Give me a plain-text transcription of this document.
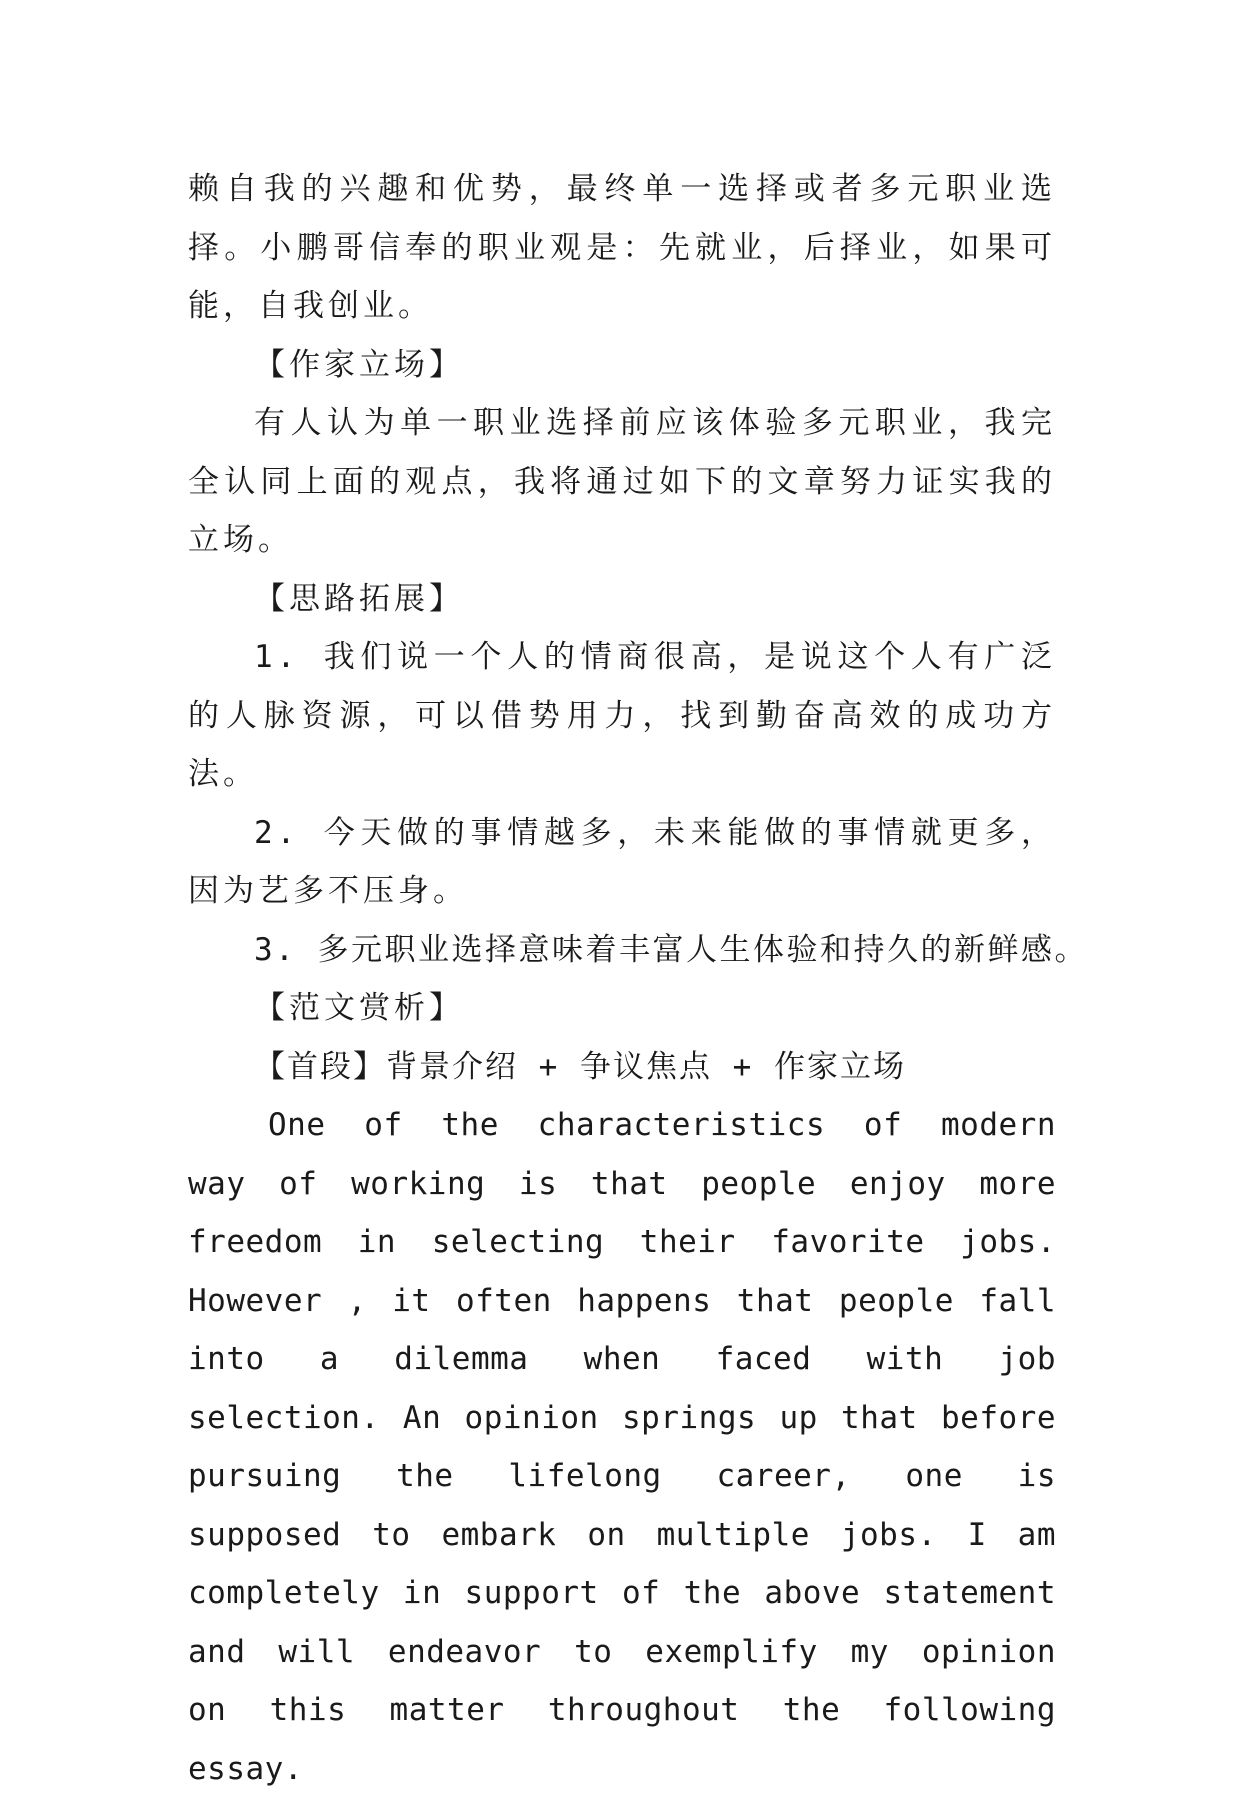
赖自我的兴趣和优势，最终单一选择或者多元职业选择。小鹏哥信奉的职业观是：先就业，后择业，如果可能，自我创业。

【作家立场】

有人认为单一职业选择前应该体验多元职业，我完全认同上面的观点，我将通过如下的文章努力证实我的立场。

【思路拓展】

1. 我们说一个人的情商很高，是说这个人有广泛的人脉资源，可以借势用力，找到勤奋高效的成功方法。

2. 今天做的事情越多，未来能做的事情就更多，因为艺多不压身。

3. 多元职业选择意味着丰富人生体验和持久的新鲜感。

【范文赏析】

【首段】背景介绍 + 争议焦点 + 作家立场

One of the characteristics of modern way of working is that people enjoy more freedom in selecting their favorite jobs. However , it often happens that people fall into a dilemma when faced with job selection. An opinion springs up that before pursuing the lifelong career, one is supposed to embark on multiple jobs. I am completely in support of the above statement and will endeavor to exemplify my opinion on this matter throughout the following essay.
